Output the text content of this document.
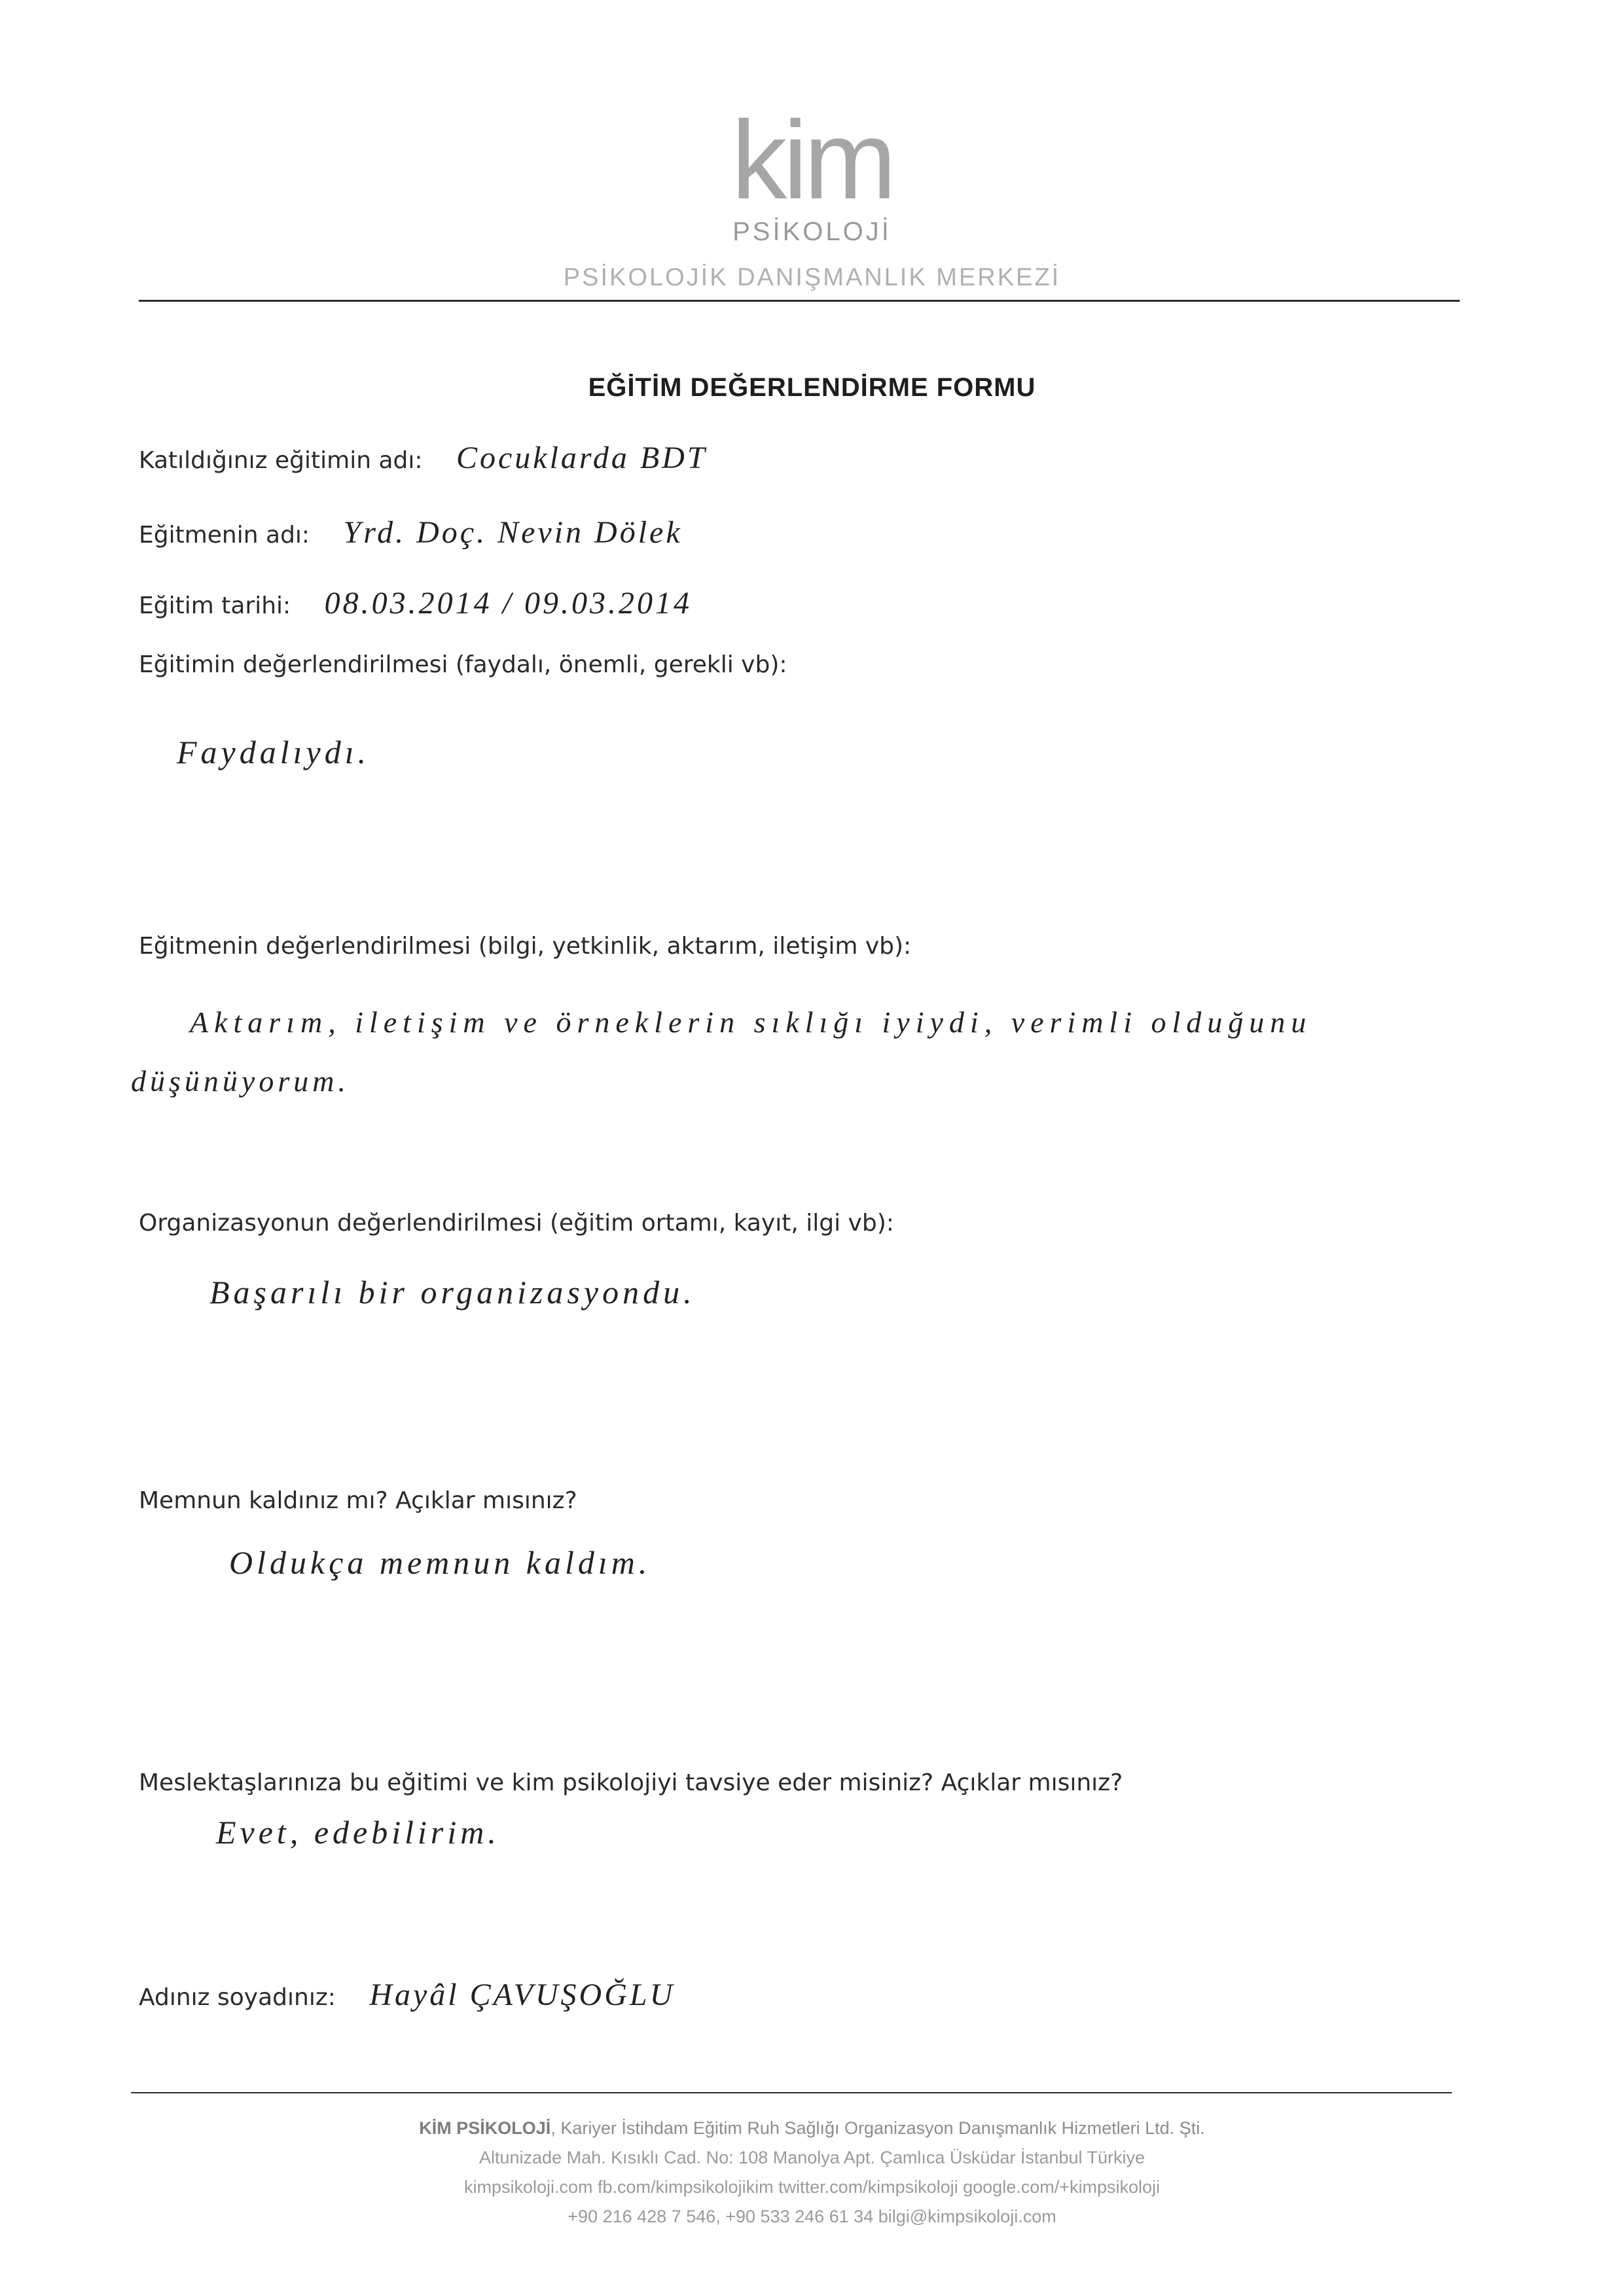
kim
PSİKOLOJİ
PSİKOLOJİK DANIŞMANLIK MERKEZİ
EĞİTİM DEĞERLENDİRME FORMU
Katıldığınız eğitimin adı: Cocuklarda BDT
Eğitmenin adı: Yrd. Doç. Nevin Dölek
Eğitim tarihi: 08.03.2014 / 09.03.2014
Eğitimin değerlendirilmesi (faydalı, önemli, gerekli vb):
Faydalıydı.
Eğitmenin değerlendirilmesi (bilgi, yetkinlik, aktarım, iletişim vb):
Aktarım, iletişim ve örneklerin sıklığı iyiydi, verimli olduğunu
düşünüyorum.
Organizasyonun değerlendirilmesi (eğitim ortamı, kayıt, ilgi vb):
Başarılı bir organizasyondu.
Memnun kaldınız mı? Açıklar mısınız?
Oldukça memnun kaldım.
Meslektaşlarınıza bu eğitimi ve kim psikolojiyi tavsiye eder misiniz? Açıklar mısınız?
Evet, edebilirim.
Adınız soyadınız: Hayâl ÇAVUŞOĞLU
KİM PSİKOLOJİ, Kariyer İstihdam Eğitim Ruh Sağlığı Organizasyon Danışmanlık Hizmetleri Ltd. Şti.
Altunizade Mah. Kısıklı Cad. No: 108 Manolya Apt. Çamlıca Üsküdar İstanbul Türkiye
kimpsikoloji.com fb.com/kimpsikolojikim twitter.com/kimpsikoloji google.com/+kimpsikoloji
+90 216 428 7 546, +90 533 246 61 34 bilgi@kimpsikoloji.com
